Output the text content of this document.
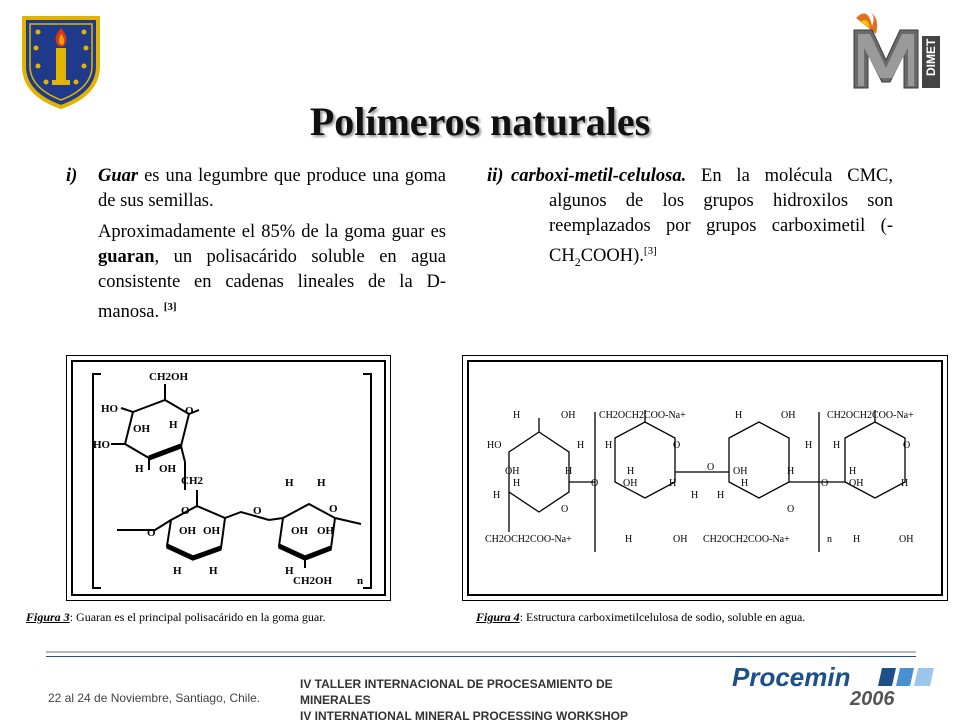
DIMET
Polímeros naturales
i) Guar es una legumbre que produce una goma de sus semillas.

Aproximadamente el 85% de la goma guar es guaran, un polisacárido soluble en agua consistente en cadenas lineales de la D-manosa. [3]

ii) carboxi-metil-celulosa. En la molécula CMC, algunos de los grupos hidroxilos son reemplazados por grupos carboximetil $(-CH_2COOH).[3]$

CH2OH
O
HO
HO
OH H
OH
H
CH2
O
O OH OH
H H
O
H H
O
OH OH
H
CH2OH n
H	OH CH2OCH2COO-Na+	H	OH	CH2OCH2COO-Na+
HO	H H	O	H H	O
OH	H	H	O OH	H	H
H	O OH	H	H	O OH	H
H	H H
O	O
CH2OCH2COO-Na+	H	OH CH2OCH2COO-Na+	n H	OH
Figura 3: Guaran es el principal polisacárido en la goma guar.	Figura 4: Estructura carboximetilcelulosa de sodio, soluble en agua.
22 al 24 de Noviembre, Santiago, Chile.
IV TALLER INTERNACIONAL DE PROCESAMIENTO DE MINERALES
IV INTERNATIONAL MINERAL PROCESSING WORKSHOP
Procemin
2006
